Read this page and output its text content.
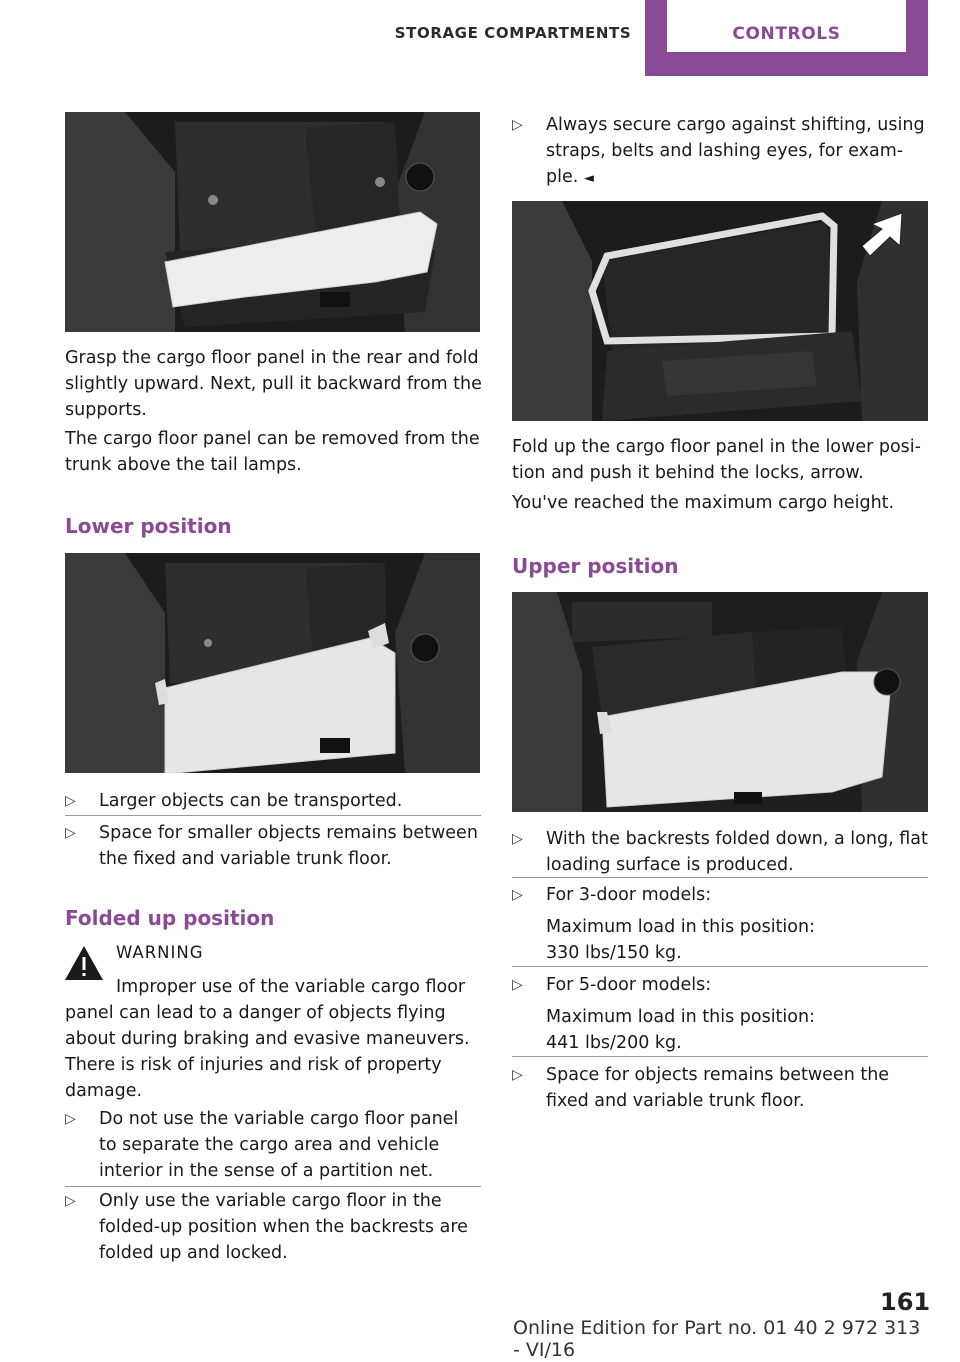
STORAGE COMPARTMENTS	CONTROLS
Grasp the cargo floor panel in the rear and fold slightly upward. Next, pull it backward from the supports.
The cargo floor panel can be removed from the trunk above the tail lamps.
Lower position
▷ Larger objects can be transported.
▷ Space for smaller objects remains between the fixed and variable trunk floor.
Folded up position
WARNING
Improper use of the variable cargo floor panel can lead to a danger of objects flying about during braking and evasive maneuvers. There is risk of injuries and risk of property damage.
▷ Do not use the variable cargo floor panel to separate the cargo area and vehicle interior in the sense of a partition net.
▷ Only use the variable cargo floor in the folded-up position when the backrests are folded up and locked.
▷ Always secure cargo against shifting, using straps, belts and lashing eyes, for exam‐ple. ◄
Fold up the cargo floor panel in the lower posi‐tion and push it behind the locks, arrow.
You've reached the maximum cargo height.
Upper position
▷ With the backrests folded down, a long, flat loading surface is produced.
▷ For 3-door models:
Maximum load in this position:
330 lbs/150 kg.
▷ For 5-door models:
Maximum load in this position:
441 lbs/200 kg.
▷ Space for objects remains between the fixed and variable trunk floor.
161
Online Edition for Part no. 01 40 2 972 313 - VI/16
